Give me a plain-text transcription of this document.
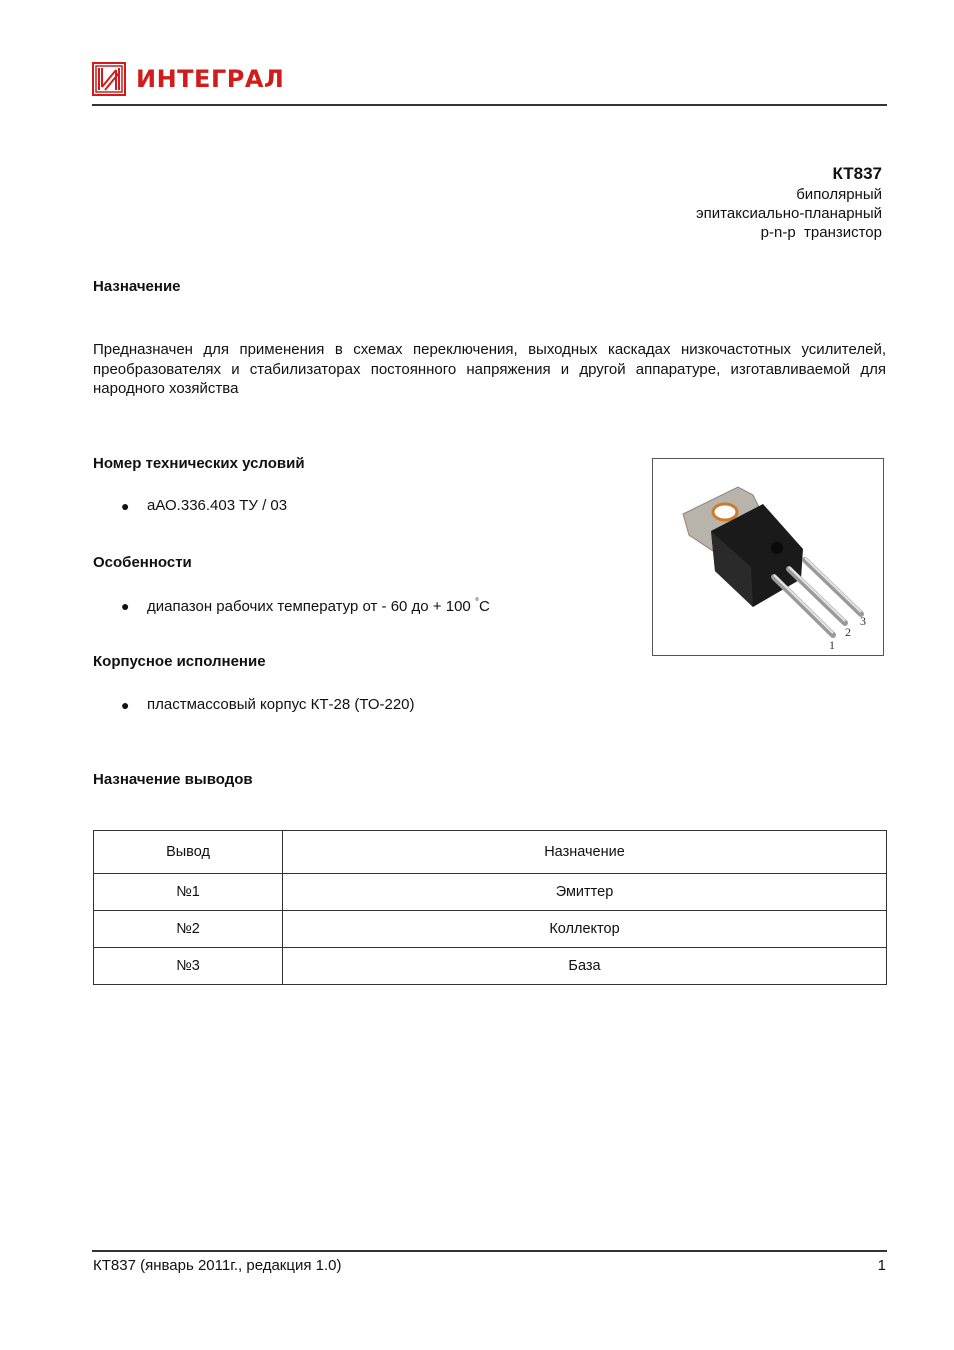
ИНТЕГРАЛ
КТ837
биполярный
эпитаксиально-планарный
p-n-p  транзистор
Назначение
Предназначен для применения в схемах переключения, выходных каскадах низкочастотных усилителей, преобразователях и стабилизаторах постоянного напряжения и другой аппаратуре, изготавливаемой для народного хозяйства
Номер технических условий
●	аАО.336.403 ТУ / 03
Особенности
●	диапазон рабочих температур от - 60 до + 100 °С
Корпусное исполнение
●	пластмассовый корпус КТ-28 (ТО-220)
1
2
3
Назначение выводов
Вывод	Назначение
№1	Эмиттер
№2	Коллектор
№3	База
КТ837 (январь 2011г., редакция 1.0)	1
